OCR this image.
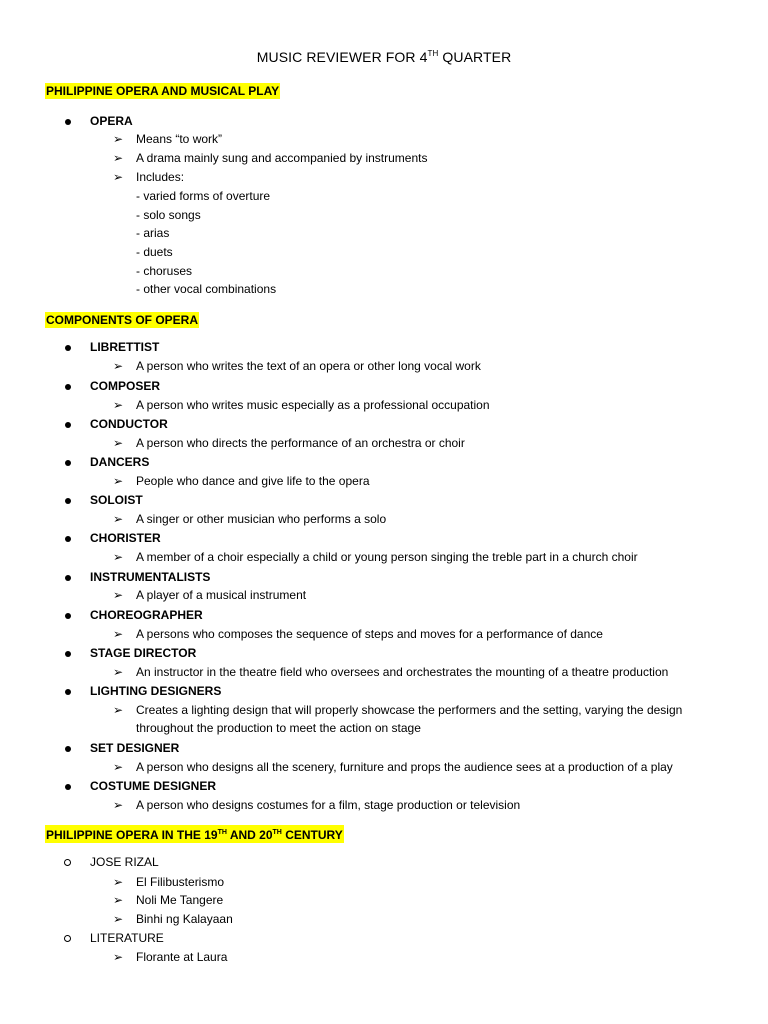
MUSIC REVIEWER FOR 4TH QUARTER
PHILIPPINE OPERA AND MUSICAL PLAY
OPERA
➢ Means “to work”
➢ A drama mainly sung and accompanied by instruments
➢ Includes:
- varied forms of overture
- solo songs
- arias
- duets
- choruses
- other vocal combinations
COMPONENTS OF OPERA
LIBRETTIST
➢ A person who writes the text of an opera or other long vocal work
COMPOSER
➢ A person who writes music especially as a professional occupation
CONDUCTOR
➢ A person who directs the performance of an orchestra or choir
DANCERS
➢ People who dance and give life to the opera
SOLOIST
➢ A singer or other musician who performs a solo
CHORISTER
➢ A member of a choir especially a child or young person singing the treble part in a church choir
INSTRUMENTALISTS
➢ A player of a musical instrument
CHOREOGRAPHER
➢ A persons who composes the sequence of steps and moves for a performance of dance
STAGE DIRECTOR
➢ An instructor in the theatre field who oversees and orchestrates the mounting of a theatre production
LIGHTING DESIGNERS
➢ Creates a lighting design that will properly showcase the performers and the setting, varying the design
throughout the production to meet the action on stage
SET DESIGNER
➢ A person who designs all the scenery, furniture and props the audience sees at a production of a play
COSTUME DESIGNER
➢ A person who designs costumes for a film, stage production or television
PHILIPPINE OPERA IN THE 19TH AND 20TH CENTURY
JOSE RIZAL
➢ El Filibusterismo
➢ Noli Me Tangere
➢ Binhi ng Kalayaan
LITERATURE
➢ Florante at Laura
